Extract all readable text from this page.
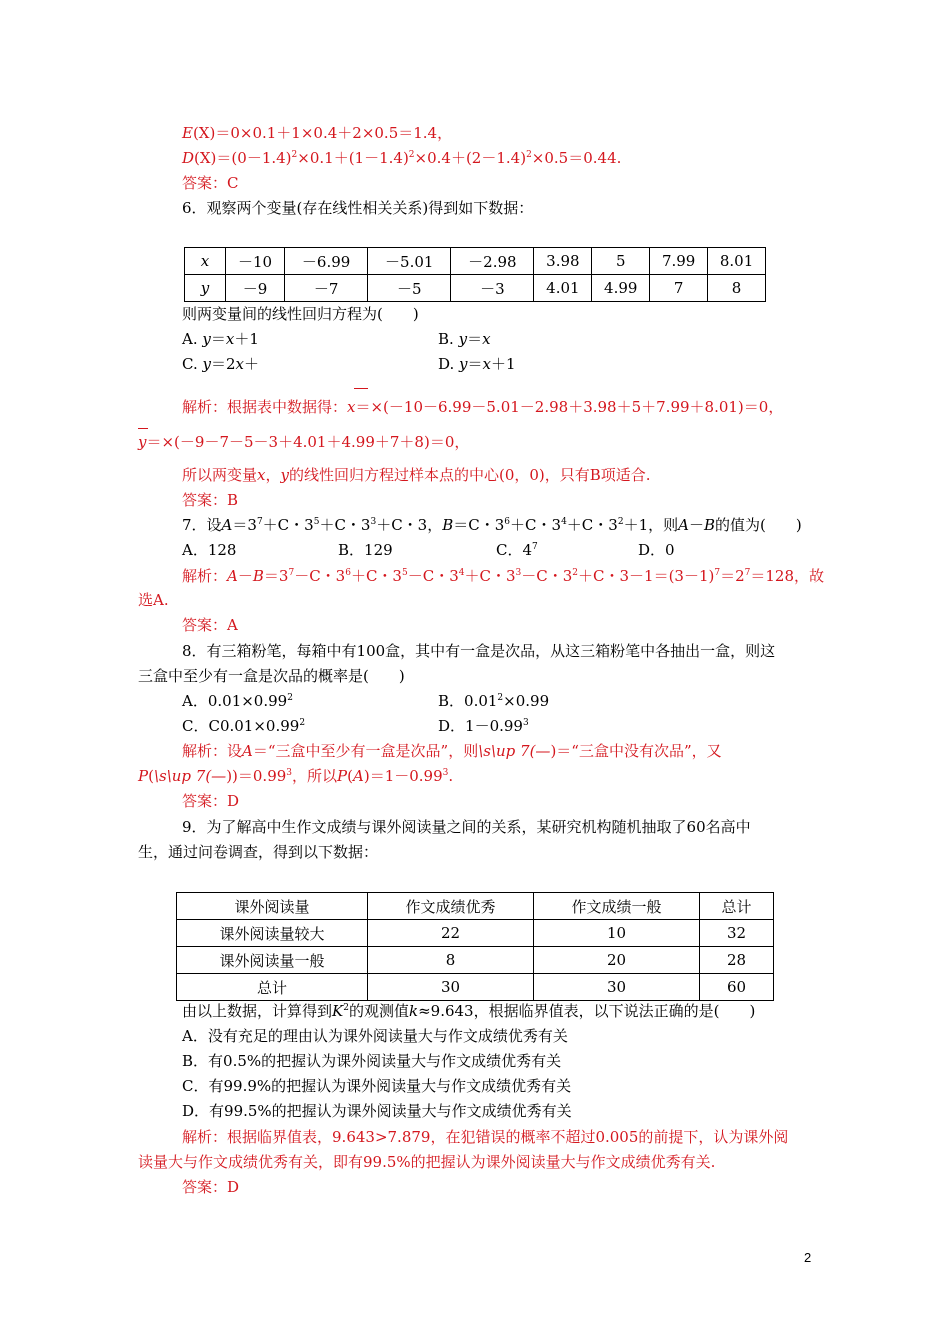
E(X)＝0×0.1＋1×0.4＋2×0.5＝1.4，
$D(X)=(0-1.4)^2\times 0.1+(1-1.4)^2\times 0.4+(2-1.4)^2\times 0.5=0.44$.
答案：C
6．观察两个变量(存在线性相关关系)得到如下数据：
x	－10	－6.99	－5.01	－2.98	3.98	5	7.99	8.01
y	－9	－7	－5	－3	4.01	4.99	7	8
则两变量间的线性回归方程为(　　)
A. y＝x＋1	B. y＝x
C. y＝2x＋	D. y＝x＋1
解析：根据表中数据得：x＝×(－10－6.99－5.01－2.98＋3.98＋5＋7.99＋8.01)＝0，
y＝×(－9－7－5－3＋4.01＋4.99＋7＋8)＝0，
所以两变量x，y的线性回归方程过样本点的中心(0，0)，只有B项适合.
答案：B
7．设$A=3^7+C$・$3^5+C$・$3^3+C$・3，B＝C・$3^6+C$・$3^4+C$・$3^2+1$，则A－B的值为(　　)
A．128	B．129	C．$4^7$	D．0
解析：$A-B=3^7-C$・$3^6+C$・$3^5-C$・$3^4+C$・$3^3-C$・$3^2+C$・$3-1=(3-1)^7=2^7=128$，故
选A.
答案：A
8．有三箱粉笔，每箱中有100盒，其中有一盒是次品，从这三箱粉笔中各抽出一盒，则这
三盒中至少有一盒是次品的概率是(　　)
A．$0.01\times 0.99^2$	B．$0.01^2\times 0.99$
C．$C0.01\times 0.99^2$	D．$1-0.99^3$
解析：设A＝“三盒中至少有一盒是次品”，则\s\up 7(—)＝“三盒中没有次品”，又
P(\s\up $7(—))=0.99^3$，所以$P(A)=1-0.99^3$.
答案：D
9．为了解高中生作文成绩与课外阅读量之间的关系，某研究机构随机抽取了60名高中
生，通过问卷调查，得到以下数据：
课外阅读量	作文成绩优秀	作文成绩一般	总计
课外阅读量较大	22	10	32
课外阅读量一般	8	20	28
总计	30	30	60
由以上数据，计算得到$K^2$的观测值k≈9.643，根据临界值表，以下说法正确的是(　　)
A．没有充足的理由认为课外阅读量大与作文成绩优秀有关
B．有0.5%的把握认为课外阅读量大与作文成绩优秀有关
C．有99.9%的把握认为课外阅读量大与作文成绩优秀有关
D．有99.5%的把握认为课外阅读量大与作文成绩优秀有关
解析：根据临界值表，9.643>7.879，在犯错误的概率不超过0.005的前提下，认为课外阅
读量大与作文成绩优秀有关，即有99.5%的把握认为课外阅读量大与作文成绩优秀有关.
答案：D
2
